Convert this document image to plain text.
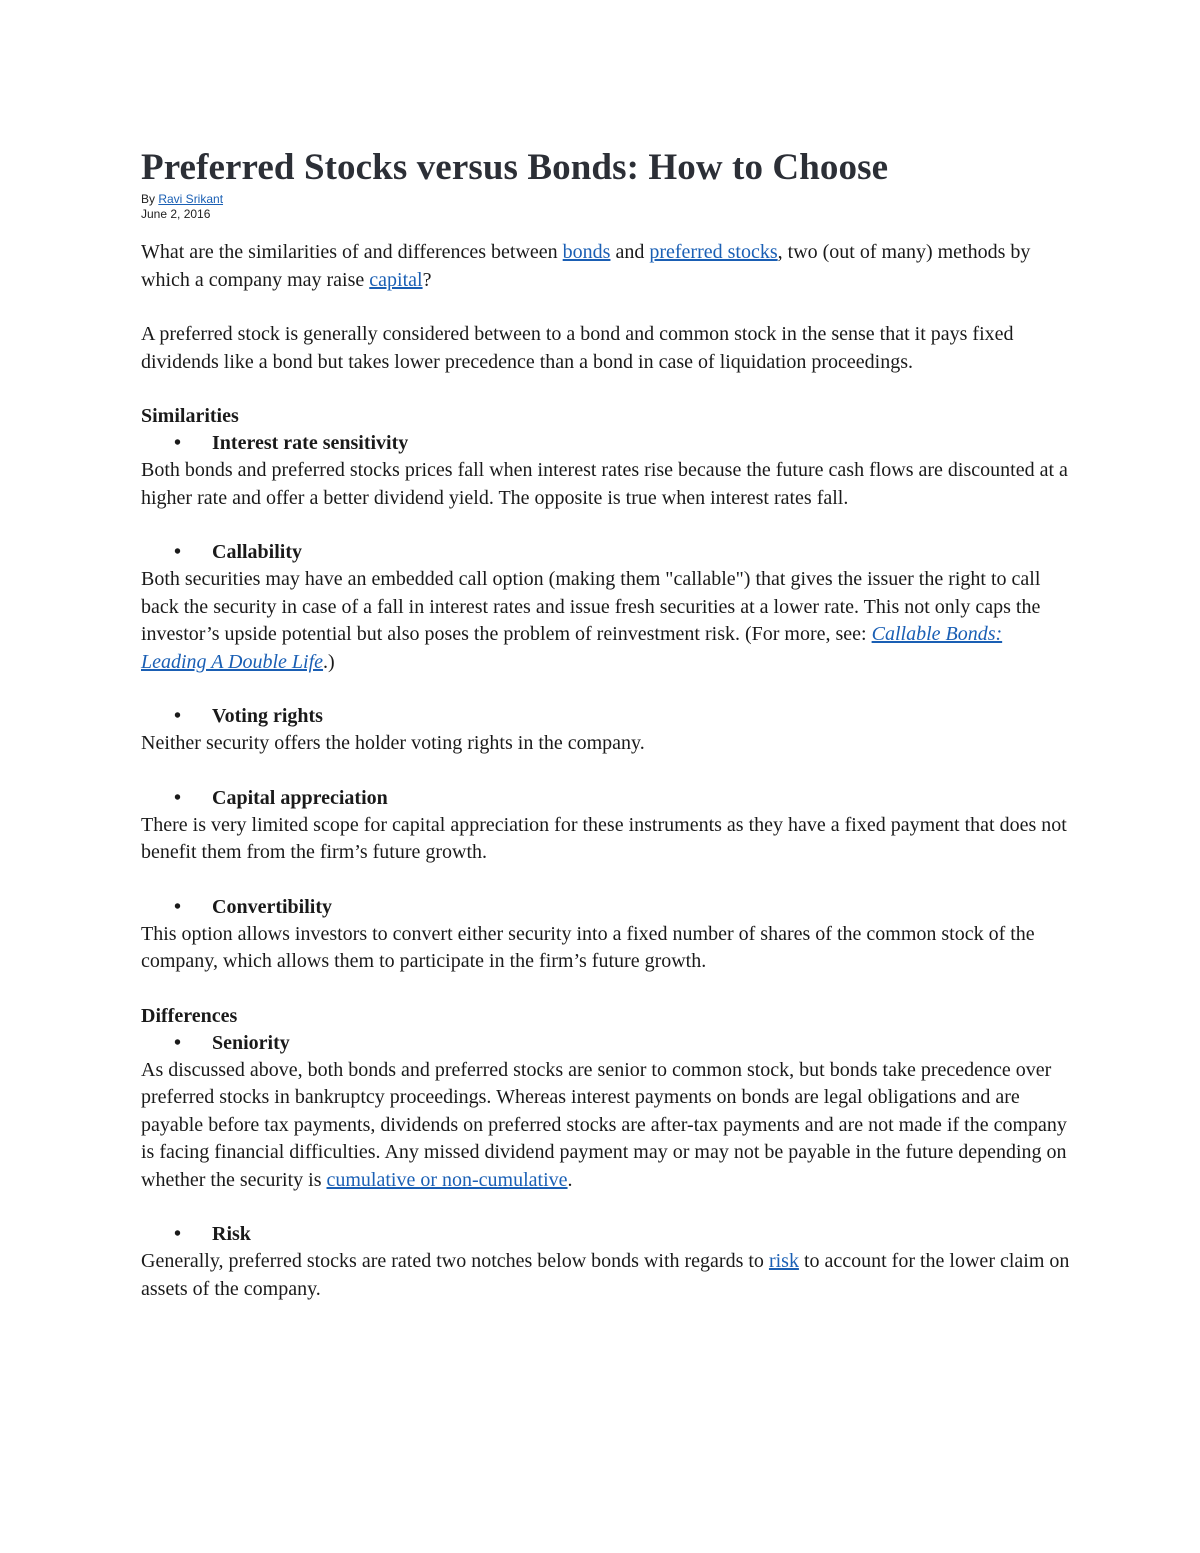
Preferred Stocks versus Bonds: How to Choose
By Ravi Srikant
June 2, 2016

What are the similarities of and differences between bonds and preferred stocks, two (out of many) methods by which a company may raise capital?

A preferred stock is generally considered between to a bond and common stock in the sense that it pays fixed dividends like a bond but takes lower precedence than a bond in case of liquidation proceedings.

Similarities
•	Interest rate sensitivity

Both bonds and preferred stocks prices fall when interest rates rise because the future cash flows are discounted at a higher rate and offer a better dividend yield. The opposite is true when interest rates fall.

•	Callability

Both securities may have an embedded call option (making them "callable") that gives the issuer the right to call back the security in case of a fall in interest rates and issue fresh securities at a lower rate. This not only caps the investor’s upside potential but also poses the problem of reinvestment risk. (For more, see: Callable Bonds: Leading A Double Life.)

•	Voting rights

Neither security offers the holder voting rights in the company.

•	Capital appreciation

There is very limited scope for capital appreciation for these instruments as they have a fixed payment that does not benefit them from the firm’s future growth.

•	Convertibility

This option allows investors to convert either security into a fixed number of shares of the common stock of the company, which allows them to participate in the firm’s future growth.

Differences
•	Seniority

As discussed above, both bonds and preferred stocks are senior to common stock, but bonds take precedence over preferred stocks in bankruptcy proceedings. Whereas interest payments on bonds are legal obligations and are payable before tax payments, dividends on preferred stocks are after-tax payments and are not made if the company is facing financial difficulties. Any missed dividend payment may or may not be payable in the future depending on whether the security is cumulative or non-cumulative.

•	Risk

Generally, preferred stocks are rated two notches below bonds with regards to risk to account for the lower claim on assets of the company.
